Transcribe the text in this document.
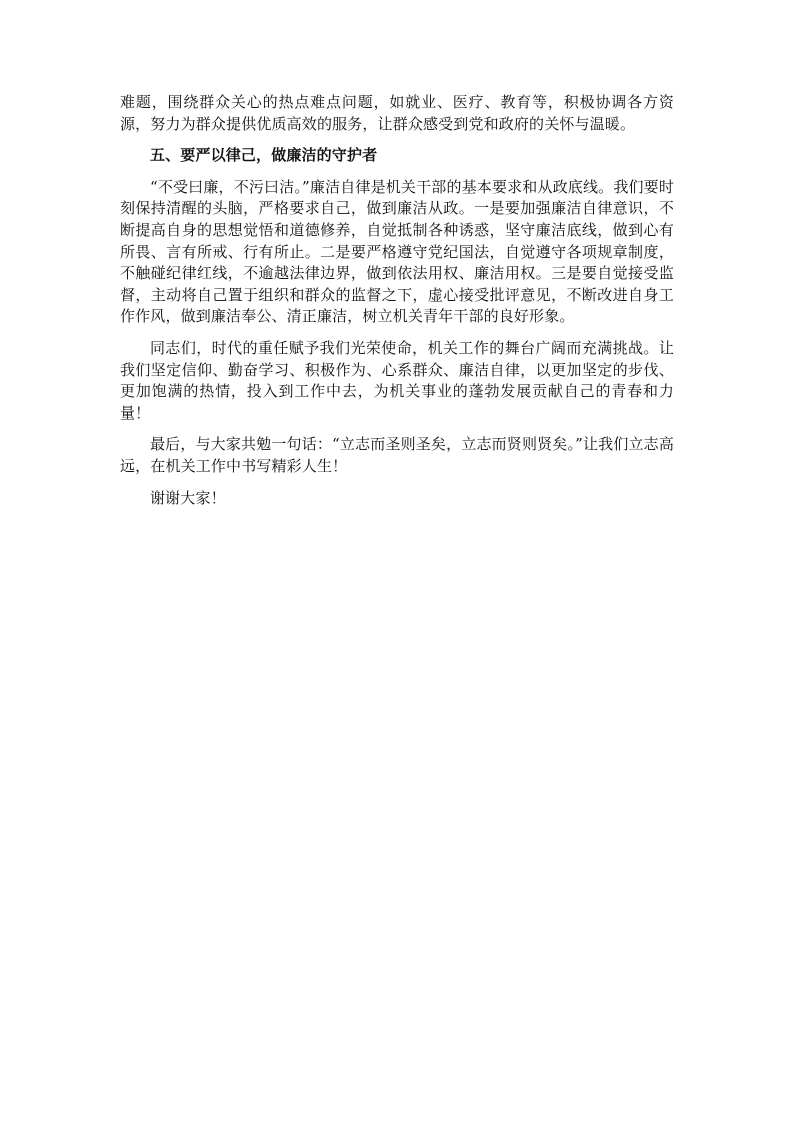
难题，围绕群众关心的热点难点问题，如就业、医疗、教育等，积极协调各方资源，努力为群众提供优质高效的服务，让群众感受到党和政府的关怀与温暖。

五、要严以律己，做廉洁的守护者

“不受曰廉，不污曰洁。”廉洁自律是机关干部的基本要求和从政底线。我们要时刻保持清醒的头脑，严格要求自己，做到廉洁从政。一是要加强廉洁自律意识，不断提高自身的思想觉悟和道德修养，自觉抵制各种诱惑，坚守廉洁底线，做到心有所畏、言有所戒、行有所止。二是要严格遵守党纪国法，自觉遵守各项规章制度，不触碰纪律红线，不逾越法律边界，做到依法用权、廉洁用权。三是要自觉接受监督，主动将自己置于组织和群众的监督之下，虚心接受批评意见，不断改进自身工作作风，做到廉洁奉公、清正廉洁，树立机关青年干部的良好形象。

同志们，时代的重任赋予我们光荣使命，机关工作的舞台广阔而充满挑战。让我们坚定信仰、勤奋学习、积极作为、心系群众、廉洁自律，以更加坚定的步伐、更加饱满的热情，投入到工作中去，为机关事业的蓬勃发展贡献自己的青春和力量！

最后，与大家共勉一句话：“立志而圣则圣矣，立志而贤则贤矣。”让我们立志高远，在机关工作中书写精彩人生！

谢谢大家！
